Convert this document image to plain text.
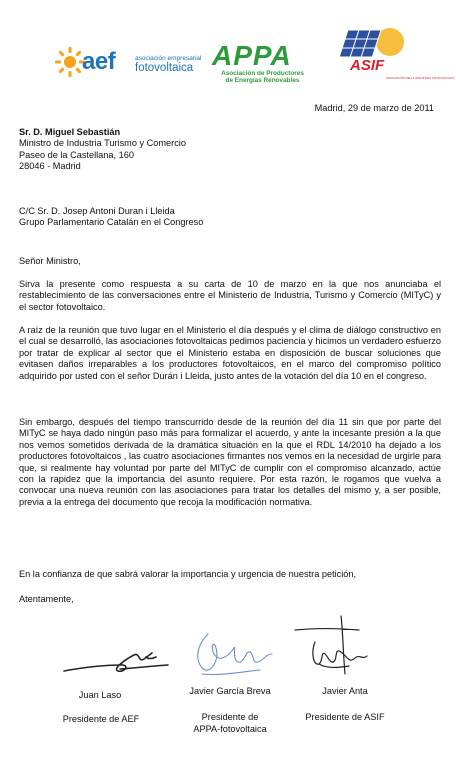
aef	asociación empresarial
fotovoltaica APPA
Asociación de Productores
de Energías Renovables
ASIF
ASOCIACIÓN DE LA INDUSTRIA FOTOVOLTAICA
Madrid, 29 de marzo de 2011
Sr. D. Miguel Sebastián
Ministro de Industria Turismo y Comercio
Paseo de la Castellana, 160
28046 - Madrid
C/C Sr. D. Josep Antoni Duran i Lleida
Grupo Parlamentario Catalán en el Congreso
Señor Ministro,
Sirva la presente como respuesta a su carta de 10 de marzo en la que nos anunciaba el restablecimiento de las conversaciones entre el Ministerio de Industria, Turismo y Comercio (MITyC) y el sector fotovoltaico.
A raíz de la reunión que tuvo lugar en el Ministerio el día después y el clima de diálogo constructivo en el cual se desarrolló, las asociaciones fotovoltaicas pedimos paciencia y hicimos un verdadero esfuerzo por tratar de explicar al sector que el Ministerio estaba en disposición de buscar soluciones que evitasen daños irreparables a los productores fotovoltaicos, en el marco del compromiso político adquirido por usted con el señor Durán i Lleida, justo antes de la votación del día 10 en el congreso.
Sin embargo, después del tiempo transcurrido desde de la reunión del día 11 sin que por parte del MITyC se haya dado ningún paso más para formalizar el acuerdo, y ante la incesante presión a la que nos vemos sometidos derivada de la dramática situación en la que el RDL 14/2010 ha dejado a los productores fotovoltaicos , las cuatro asociaciones firmantes nos vemos en la necesidad de urgirle para que, si realmente hay voluntad por parte del MITyC de cumplir con el compromiso alcanzado, actúe con la rapidez que la importancia del asunto requiere. Por esta razón, le rogamos que vuelva a convocar una nueva reunión con las asociaciones para tratar los detalles del mismo y, a ser posible, previa a la entrega del documento que recoja la modificación normativa.
En la confianza de que sabrá valorar la importancia y urgencia de nuestra petición,
Atentamente,
Juan Laso
Presidente de AEF
Javier García Breva
Presidente de
APPA-fotovoltaica
Javier Anta
Presidente de ASIF
